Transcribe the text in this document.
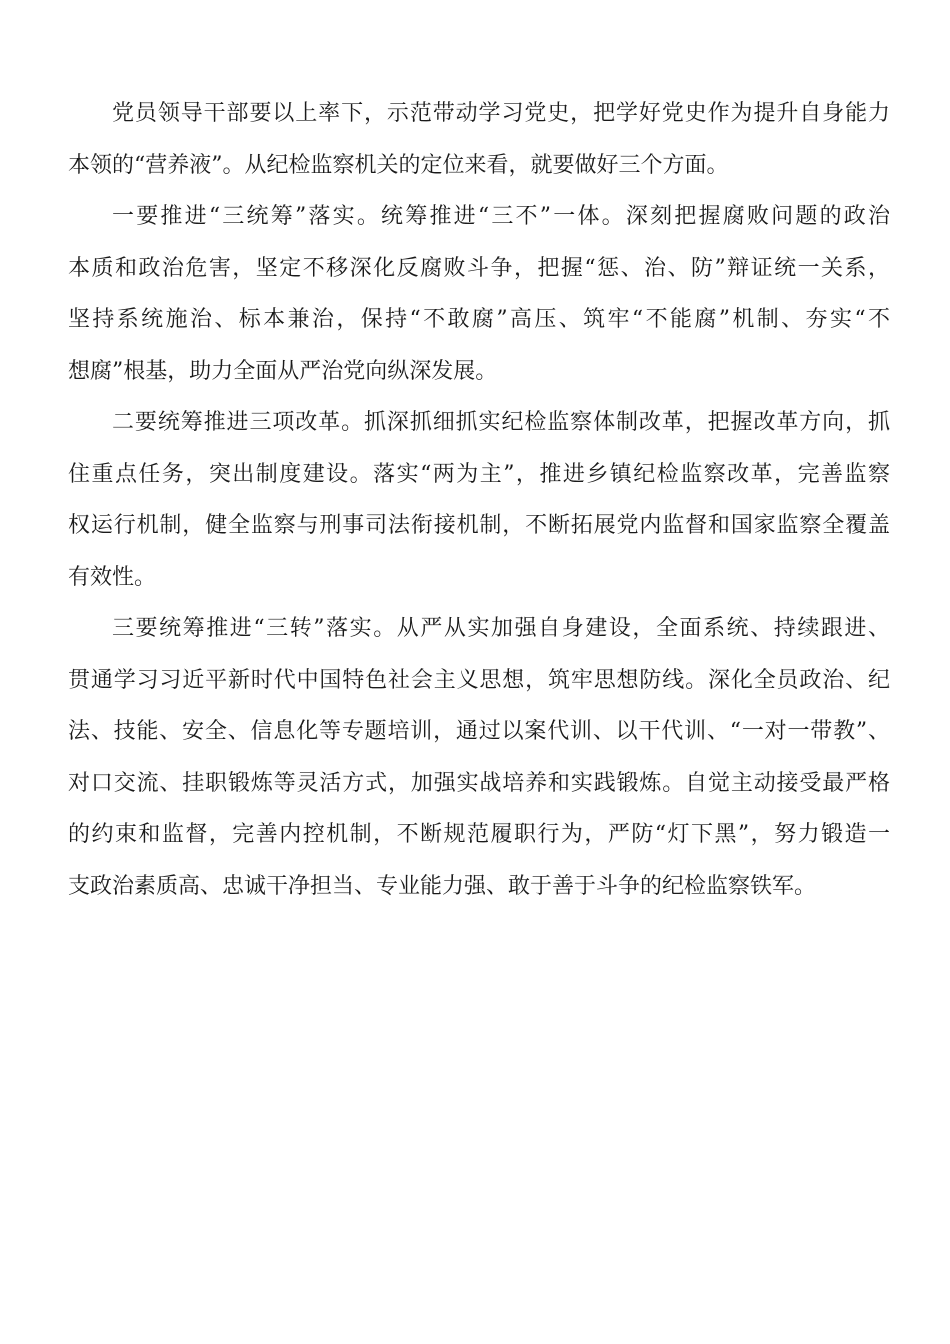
党员领导干部要以上率下，示范带动学习党史，把学好党史作为提升自身能力
本领的“营养液”。从纪检监察机关的定位来看，就要做好三个方面。
一要推进“三统筹”落实。统筹推进“三不”一体。深刻把握腐败问题的政治
本质和政治危害，坚定不移深化反腐败斗争，把握“惩、治、防”辩证统一关系，
坚持系统施治、标本兼治，保持“不敢腐”高压、筑牢“不能腐”机制、夯实“不
想腐”根基，助力全面从严治党向纵深发展。
二要统筹推进三项改革。抓深抓细抓实纪检监察体制改革，把握改革方向，抓
住重点任务，突出制度建设。落实“两为主”，推进乡镇纪检监察改革，完善监察
权运行机制，健全监察与刑事司法衔接机制，不断拓展党内监督和国家监察全覆盖
有效性。
三要统筹推进“三转”落实。从严从实加强自身建设，全面系统、持续跟进、
贯通学习习近平新时代中国特色社会主义思想，筑牢思想防线。深化全员政治、纪
法、技能、安全、信息化等专题培训，通过以案代训、以干代训、“一对一带教”、
对口交流、挂职锻炼等灵活方式，加强实战培养和实践锻炼。自觉主动接受最严格
的约束和监督，完善内控机制，不断规范履职行为，严防“灯下黑”，努力锻造一
支政治素质高、忠诚干净担当、专业能力强、敢于善于斗争的纪检监察铁军。
